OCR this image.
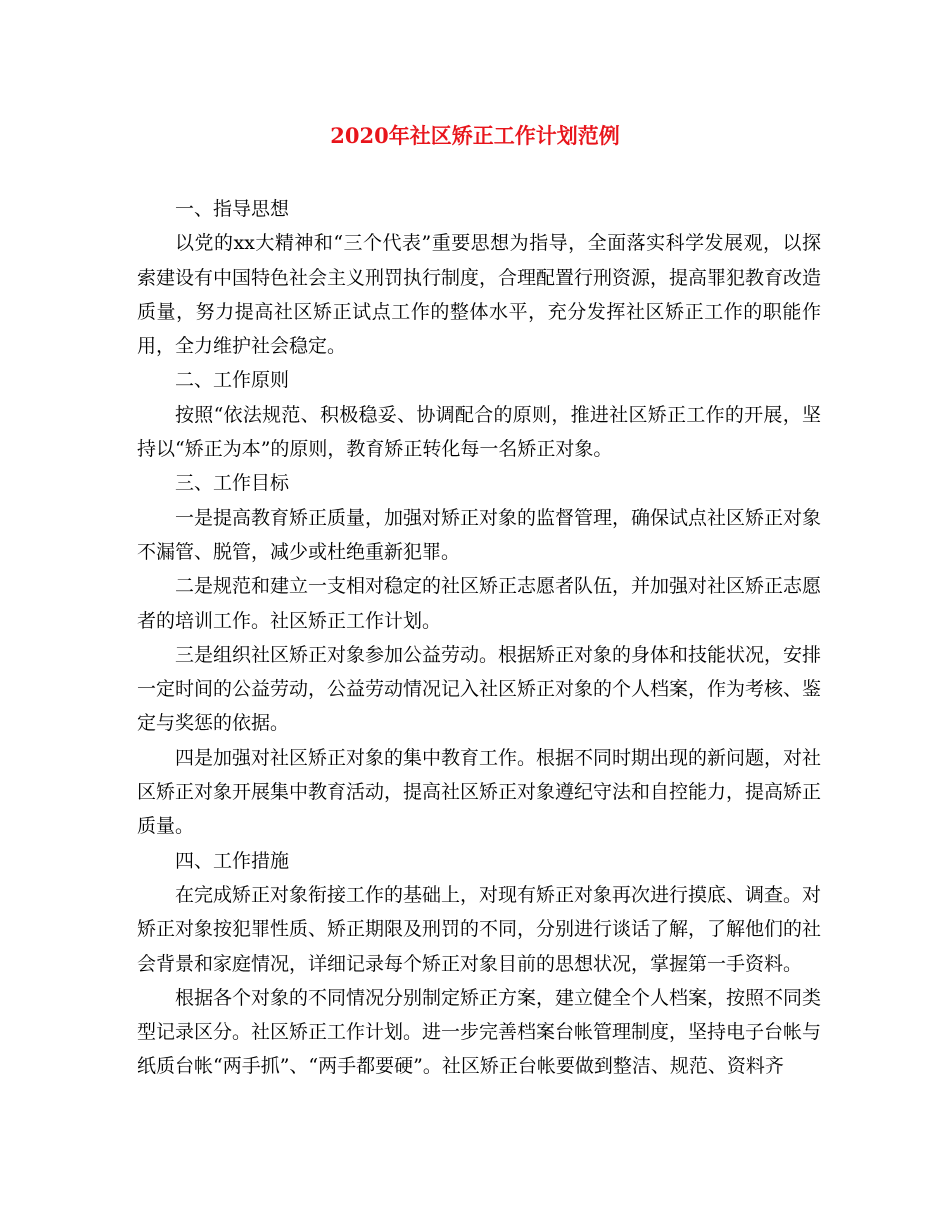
2020年社区矫正工作计划范例

一、指导思想

以党的xx大精神和“三个代表”重要思想为指导，全面落实科学发展观，以探索建设有中国特色社会主义刑罚执行制度，合理配置行刑资源，提高罪犯教育改造质量，努力提高社区矫正试点工作的整体水平，充分发挥社区矫正工作的职能作用，全力维护社会稳定。

二、工作原则

按照“依法规范、积极稳妥、协调配合的原则，推进社区矫正工作的开展，坚持以“矫正为本”的原则，教育矫正转化每一名矫正对象。

三、工作目标

一是提高教育矫正质量，加强对矫正对象的监督管理，确保试点社区矫正对象不漏管、脱管，减少或杜绝重新犯罪。

二是规范和建立一支相对稳定的社区矫正志愿者队伍，并加强对社区矫正志愿者的培训工作。社区矫正工作计划。

三是组织社区矫正对象参加公益劳动。根据矫正对象的身体和技能状况，安排一定时间的公益劳动，公益劳动情况记入社区矫正对象的个人档案，作为考核、鉴定与奖惩的依据。

四是加强对社区矫正对象的集中教育工作。根据不同时期出现的新问题，对社区矫正对象开展集中教育活动，提高社区矫正对象遵纪守法和自控能力，提高矫正质量。

四、工作措施

在完成矫正对象衔接工作的基础上，对现有矫正对象再次进行摸底、调查。对矫正对象按犯罪性质、矫正期限及刑罚的不同，分别进行谈话了解，了解他们的社会背景和家庭情况，详细记录每个矫正对象目前的思想状况，掌握第一手资料。

根据各个对象的不同情况分别制定矫正方案，建立健全个人档案，按照不同类型记录区分。社区矫正工作计划。进一步完善档案台帐管理制度，坚持电子台帐与纸质台帐“两手抓”、“两手都要硬”。社区矫正台帐要做到整洁、规范、资料齐
